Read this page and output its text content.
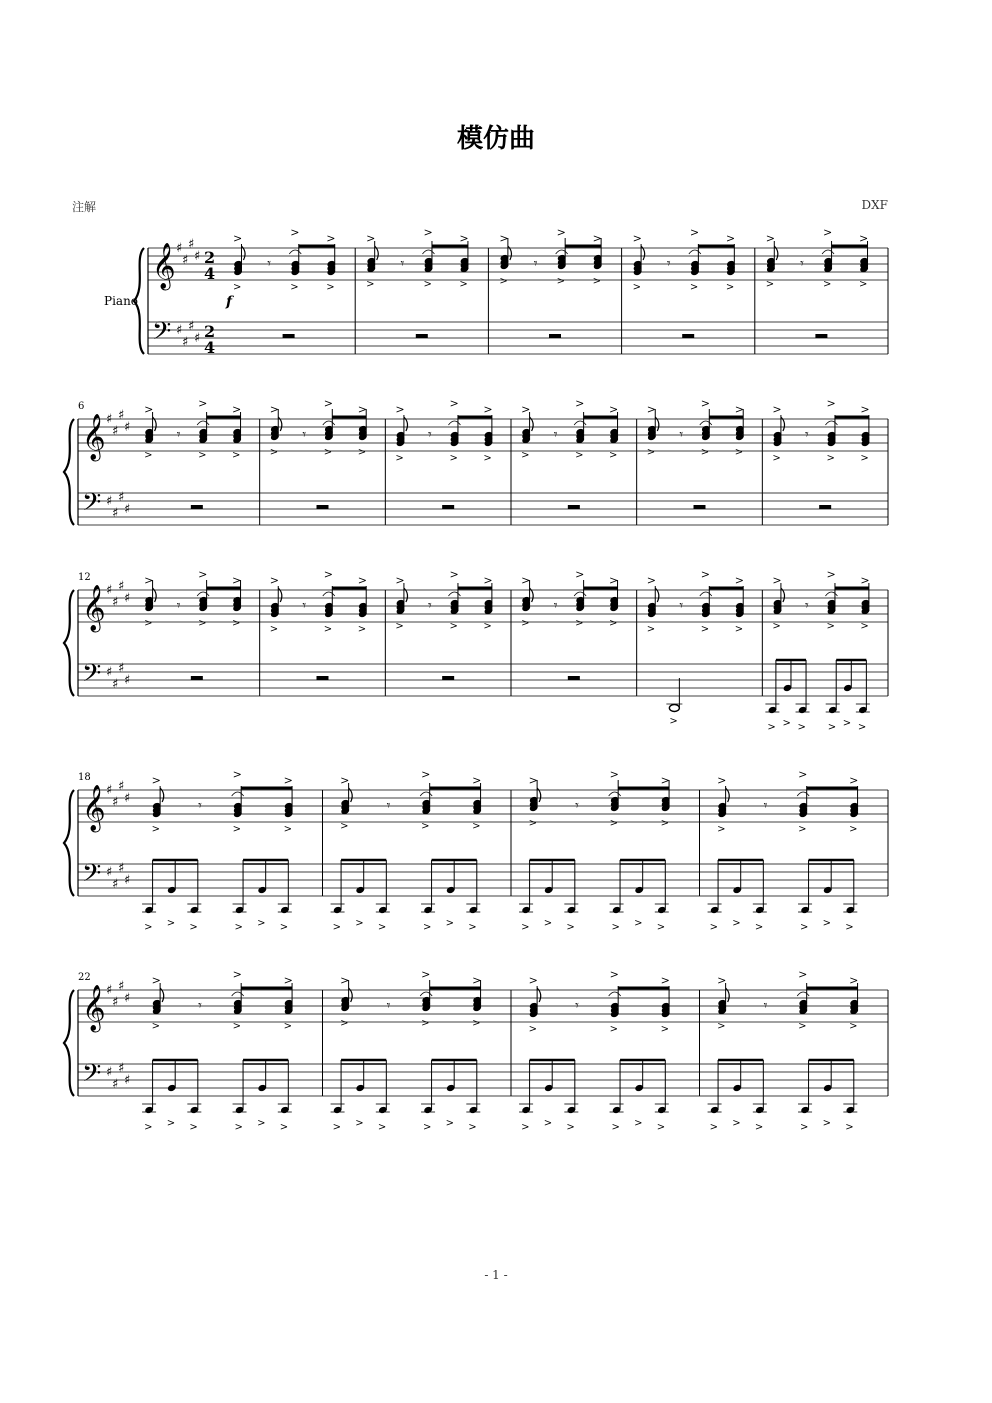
模仿曲
注解	DXF
𝄞
𝄢
♯
♯
♯
♯
♯
♯
♯
♯
2
4
2
4
Piano	f
>
>
>
>
>
>
𝄾
>
>
>
>
>
>
𝄾
>
>
>
>
>
>
𝄾
>
>
>
>
>
>
𝄾
>
>
>
>
>
>
𝄾
𝄞
𝄢
♯
♯
♯
♯
♯
♯
♯
♯
6	>
>
>
>
>
>
𝄾
>
>
>
>
>
>
𝄾
>
>
>
>
>
>
𝄾
>
>
>
>
>
>
𝄾
>
>
>
>
>
>
𝄾
>
>
>
>
>
>
𝄾
𝄞
𝄢
♯
♯
♯
♯
♯
♯
♯
♯
12	>
>
>
>
>
>
𝄾
>
>
>
>
>
>
𝄾
>
>
>
>
>
>
𝄾
>
>
>
>
>
>
𝄾
>
>
>
>
>
>
𝄾
>
>
>
>
>
>
>
𝄾
> > > > > >
𝄞
𝄢
♯
♯
♯
♯
♯
♯
♯
♯
18	>
>
>
>
>
>
𝄾
> > >	> > >
>
>
>
>
>
>
𝄾
> > >	> > >
>
>
>
>
>
>
𝄾
> > >	> > >
>
>
>
>
>
>
𝄾
> > >	> > >
𝄞
𝄢
♯
♯
♯
♯
♯
♯
♯
♯
22	>
>
>
>
>
>
𝄾
> > >	> > >
>
>
>
>
>
>
𝄾
> > >	> > >
>
>
>
>
>
>
𝄾
> > >	> > >
>
>
>
>
>
>
𝄾
> > >	> > >
- 1 -
